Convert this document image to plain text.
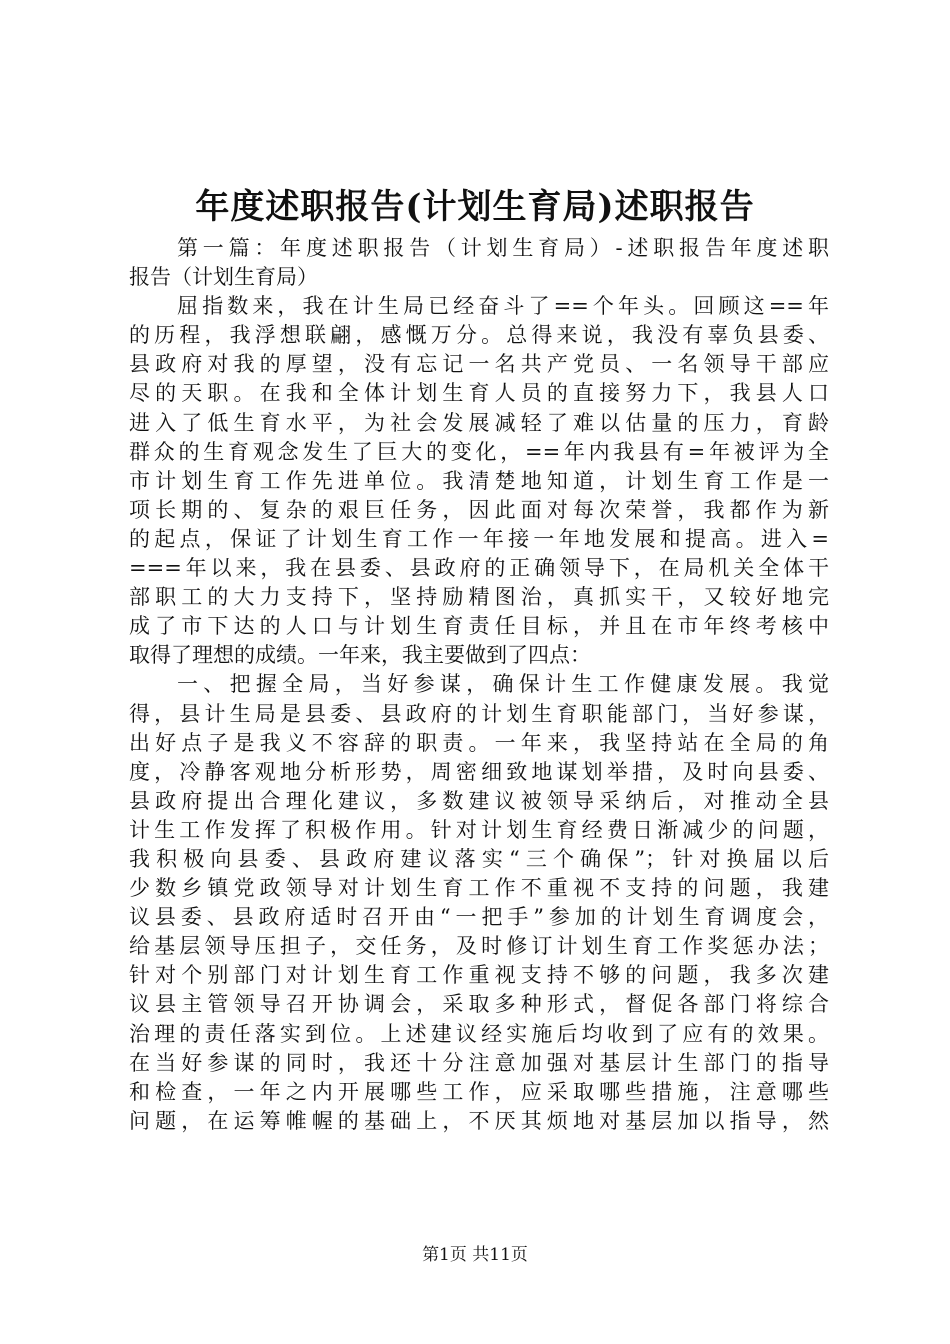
年度述职报告(计划生育局)述职报告
第一篇：年度述职报告（计划生育局）-述职报告年度述职
报告（计划生育局）
屈指数来，我在计生局已经奋斗了==个年头。回顾这==年
的历程，我浮想联翩，感慨万分。总得来说，我没有辜负县委、
县政府对我的厚望，没有忘记一名共产党员、一名领导干部应
尽的天职。在我和全体计划生育人员的直接努力下，我县人口
进入了低生育水平，为社会发展减轻了难以估量的压力，育龄
群众的生育观念发生了巨大的变化，==年内我县有=年被评为全
市计划生育工作先进单位。我清楚地知道，计划生育工作是一
项长期的、复杂的艰巨任务，因此面对每次荣誉，我都作为新
的起点，保证了计划生育工作一年接一年地发展和提高。进入=
===年以来，我在县委、县政府的正确领导下，在局机关全体干
部职工的大力支持下，坚持励精图治，真抓实干，又较好地完
成了市下达的人口与计划生育责任目标，并且在市年终考核中
取得了理想的成绩。一年来，我主要做到了四点：
一、把握全局，当好参谋，确保计生工作健康发展。我觉
得，县计生局是县委、县政府的计划生育职能部门，当好参谋，
出好点子是我义不容辞的职责。一年来，我坚持站在全局的角
度，冷静客观地分析形势，周密细致地谋划举措，及时向县委、
县政府提出合理化建议，多数建议被领导采纳后，对推动全县
计生工作发挥了积极作用。针对计划生育经费日渐减少的问题，
我积极向县委、县政府建议落实“三个确保”；针对换届以后
少数乡镇党政领导对计划生育工作不重视不支持的问题，我建
议县委、县政府适时召开由“一把手”参加的计划生育调度会，
给基层领导压担子，交任务，及时修订计划生育工作奖惩办法；
针对个别部门对计划生育工作重视支持不够的问题，我多次建
议县主管领导召开协调会，采取多种形式，督促各部门将综合
治理的责任落实到位。上述建议经实施后均收到了应有的效果。
在当好参谋的同时，我还十分注意加强对基层计生部门的指导
和检查，一年之内开展哪些工作，应采取哪些措施，注意哪些
问题，在运筹帷幄的基础上，不厌其烦地对基层加以指导，然
第1页 共11页
